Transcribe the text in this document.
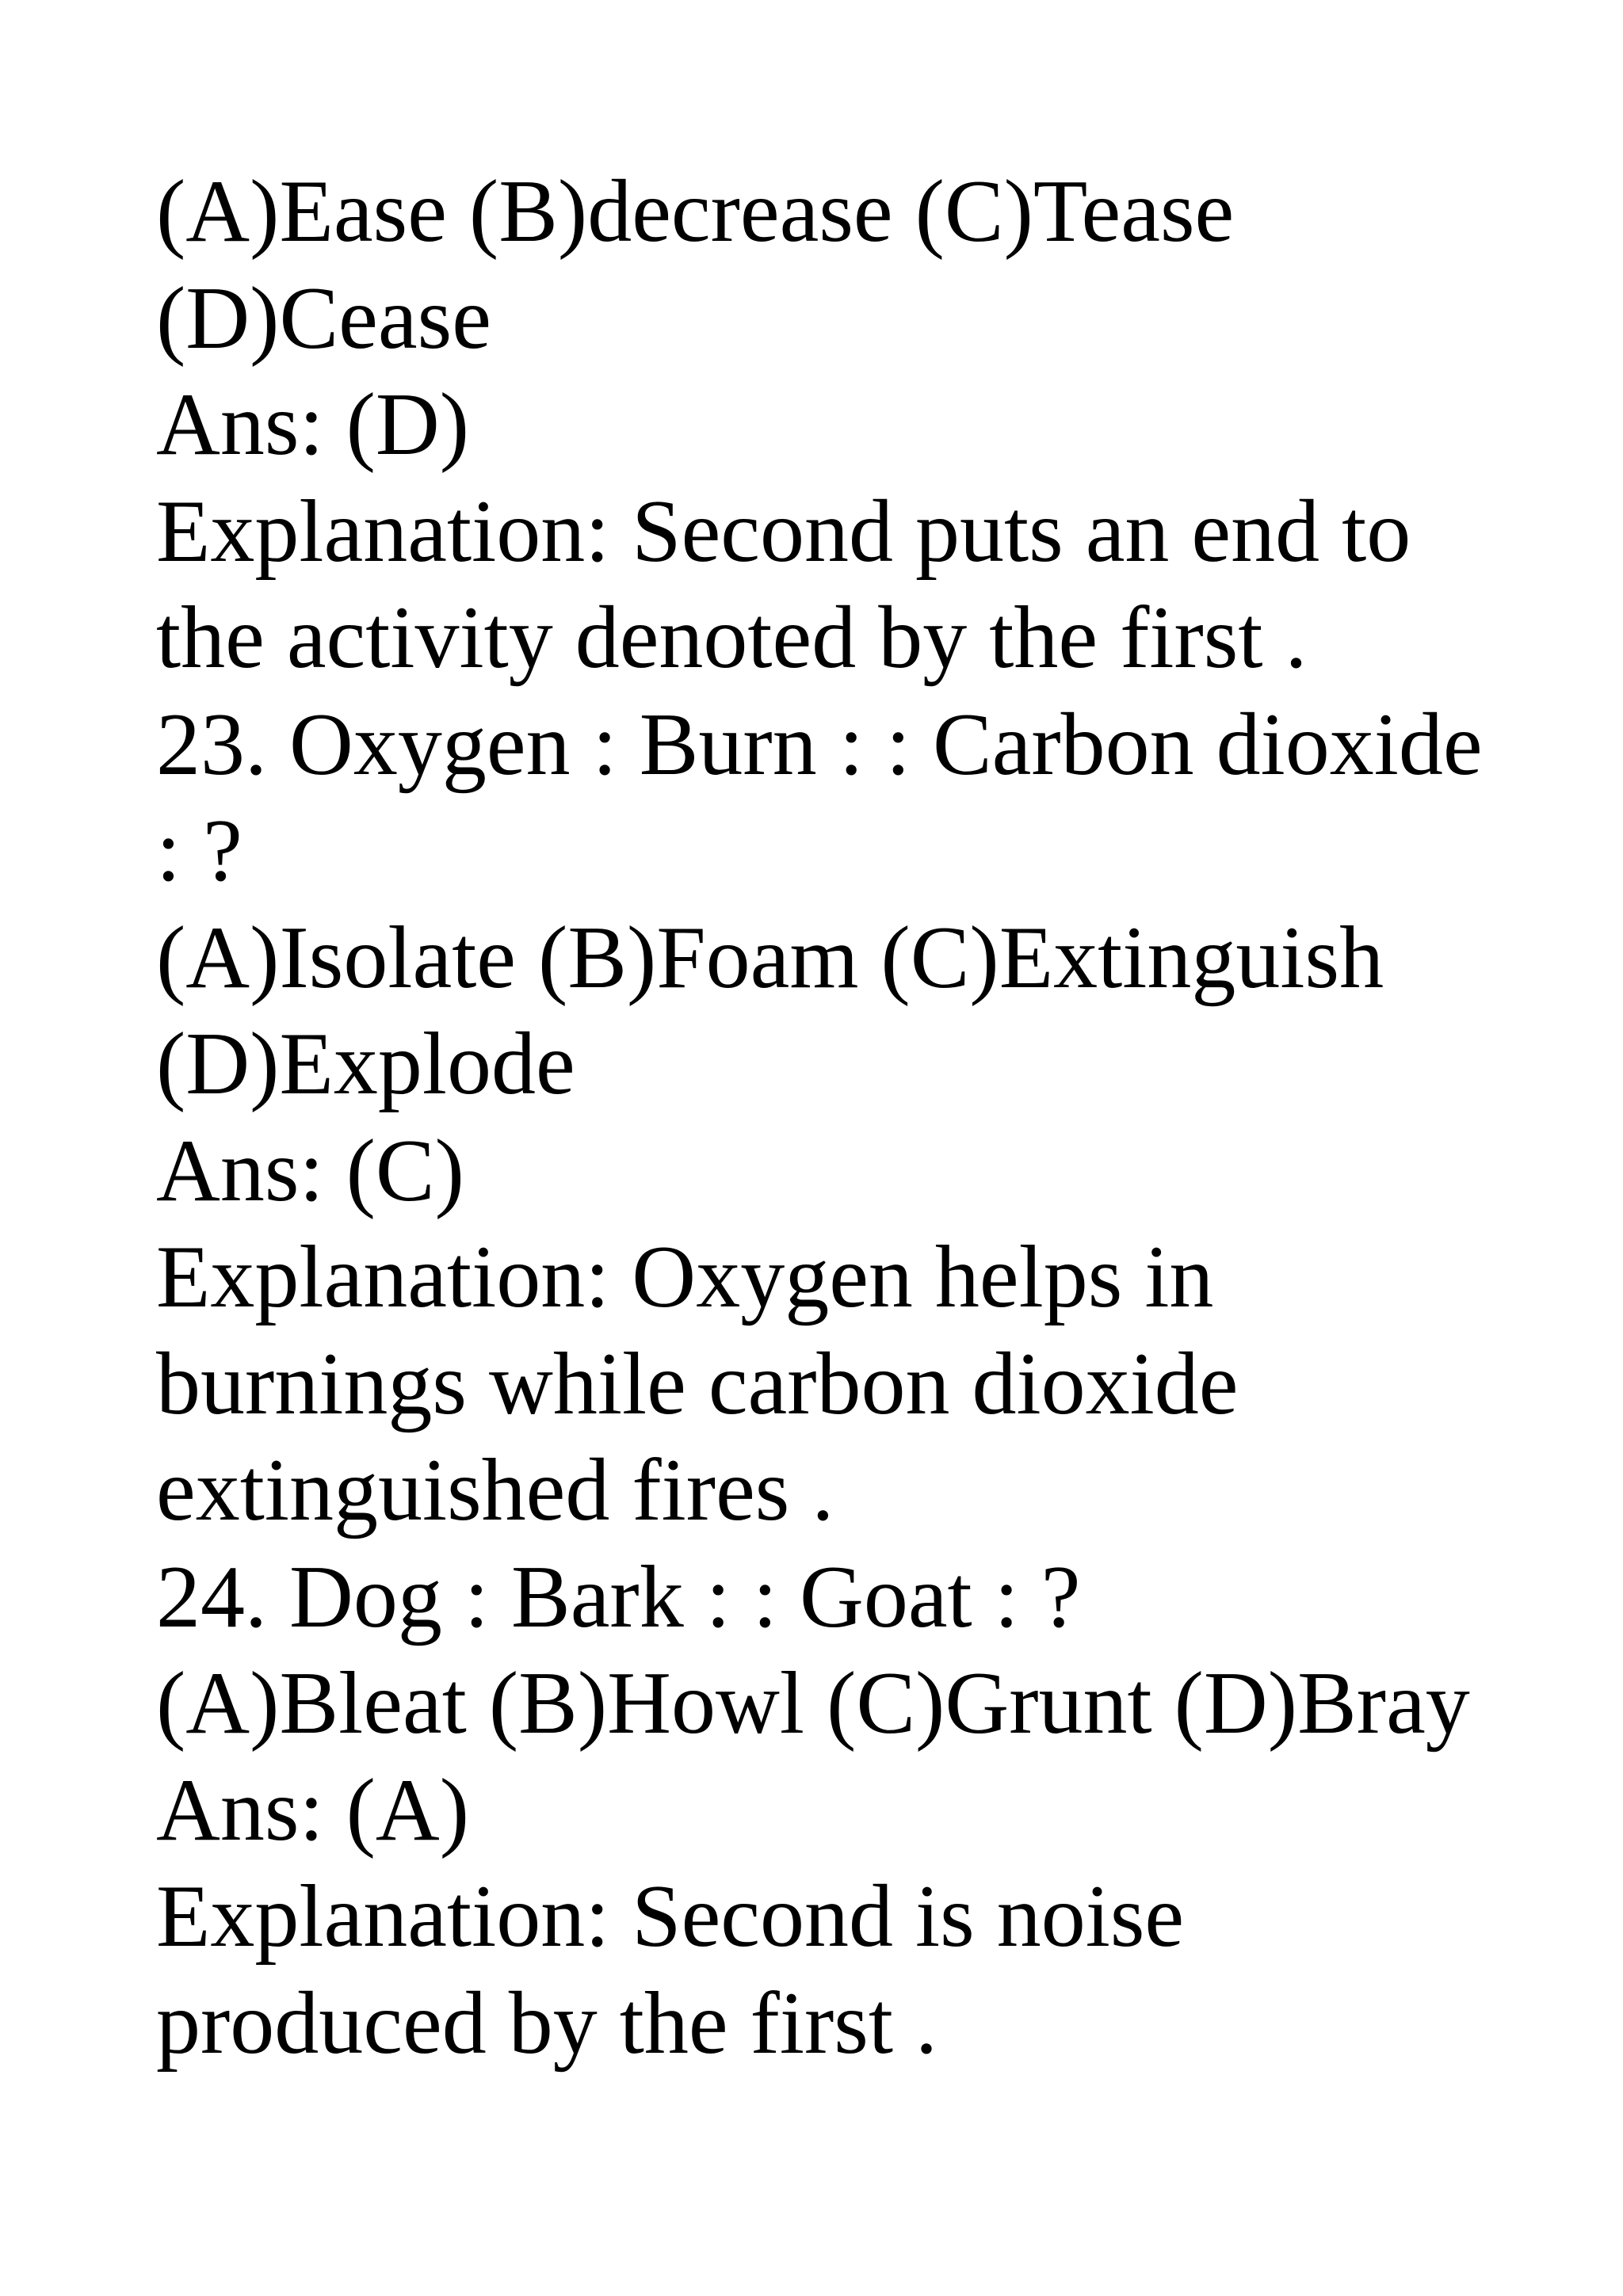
(A)Ease (B)decrease (C)Tease
(D)Cease
Ans: (D)
Explanation: Second puts an end to
the activity denoted by the first .
23. Oxygen : Burn : : Carbon dioxide
: ?
(A)Isolate (B)Foam (C)Extinguish
(D)Explode
Ans: (C)
Explanation: Oxygen helps in
burnings while carbon dioxide
extinguished fires .
24. Dog : Bark : : Goat : ?
(A)Bleat (B)Howl (C)Grunt (D)Bray
Ans: (A)
Explanation: Second is noise
produced by the first .
